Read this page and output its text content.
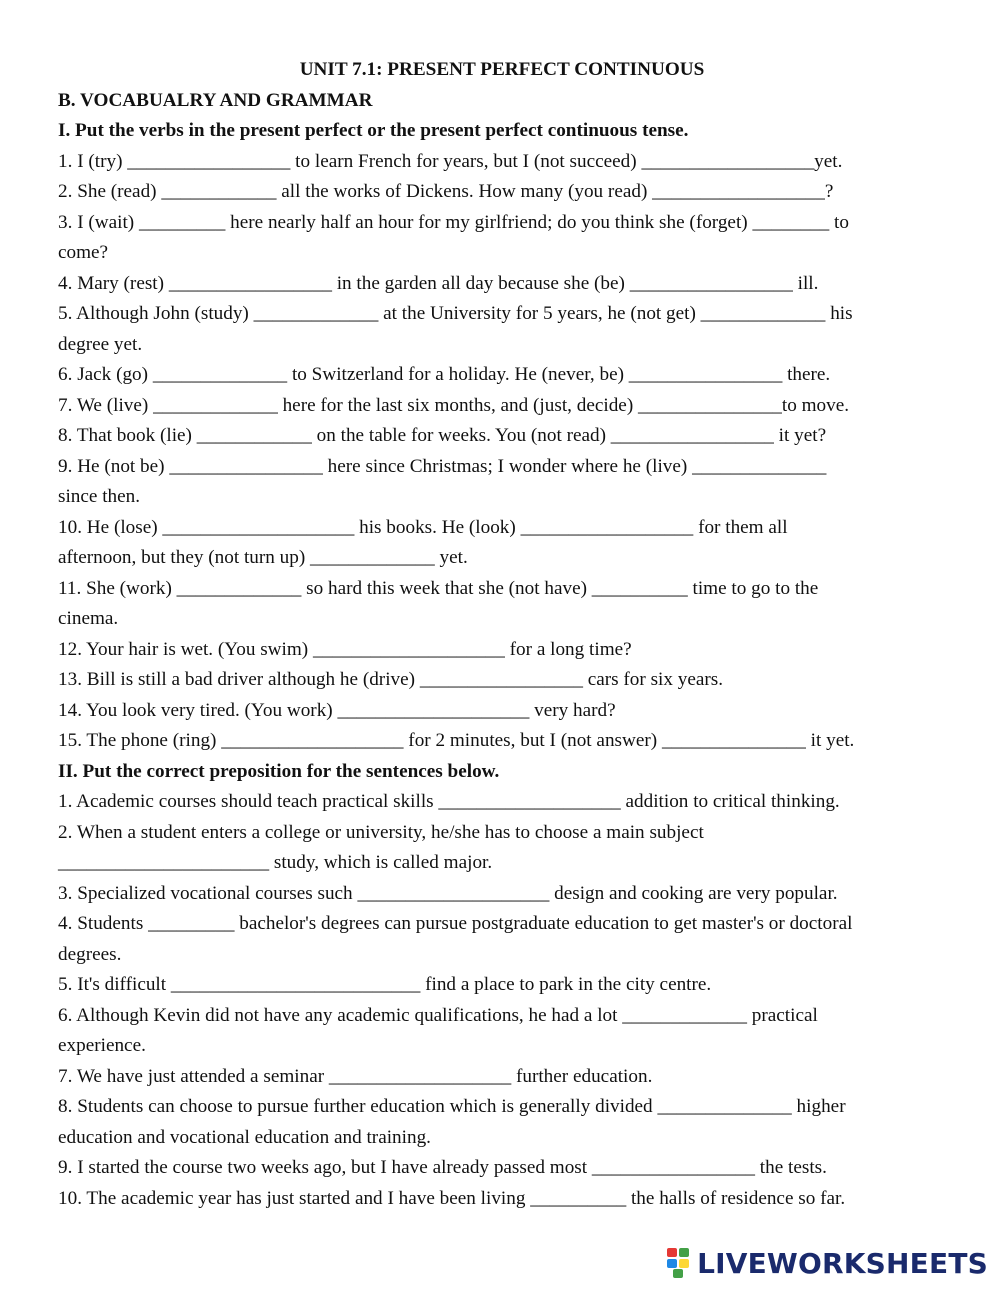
UNIT 7.1: PRESENT PERFECT CONTINUOUS
B. VOCABUALRY AND GRAMMAR
I. Put the verbs in the present perfect or the present perfect continuous tense.
1. I (try) _________________ to learn French for years, but I (not succeed) __________________yet.
2. She (read) ____________ all the works of Dickens. How many (you read) __________________?
3. I (wait) _________ here nearly half an hour for my girlfriend; do you think she (forget) ________ to
come?
4. Mary (rest) _________________ in the garden all day because she (be) _________________ ill.
5. Although John (study) _____________ at the University for 5 years, he (not get) _____________ his
degree yet.
6. Jack (go) ______________ to Switzerland for a holiday. He (never, be) ________________ there.
7. We (live) _____________ here for the last six months, and (just, decide) _______________to move.
8. That book (lie) ____________ on the table for weeks. You (not read) _________________ it yet?
9. He (not be) ________________ here since Christmas; I wonder where he (live) ______________
since then.
10. He (lose) ____________________ his books. He (look) __________________ for them all
afternoon, but they (not turn up) _____________ yet.
11. She (work) _____________ so hard this week that she (not have) __________ time to go to the
cinema.
12. Your hair is wet. (You swim) ____________________ for a long time?
13. Bill is still a bad driver although he (drive) _________________ cars for six years.
14. You look very tired. (You work) ____________________ very hard?
15. The phone (ring) ___________________ for 2 minutes, but I (not answer) _______________ it yet.
II. Put the correct preposition for the sentences below.
1. Academic courses should teach practical skills ___________________ addition to critical thinking.
2. When a student enters a college or university, he/she has to choose a main subject
______________________ study, which is called major.
3. Specialized vocational courses such ____________________ design and cooking are very popular.
4. Students _________ bachelor's degrees can pursue postgraduate education to get master's or doctoral
degrees.
5. It's difficult __________________________ find a place to park in the city centre.
6. Although Kevin did not have any academic qualifications, he had a lot _____________ practical
experience.
7. We have just attended a seminar ___________________ further education.
8. Students can choose to pursue further education which is generally divided ______________ higher
education and vocational education and training.
9. I started the course two weeks ago, but I have already passed most _________________ the tests.
10. The academic year has just started and I have been living __________ the halls of residence so far.
LIVEWORKSHEETS
